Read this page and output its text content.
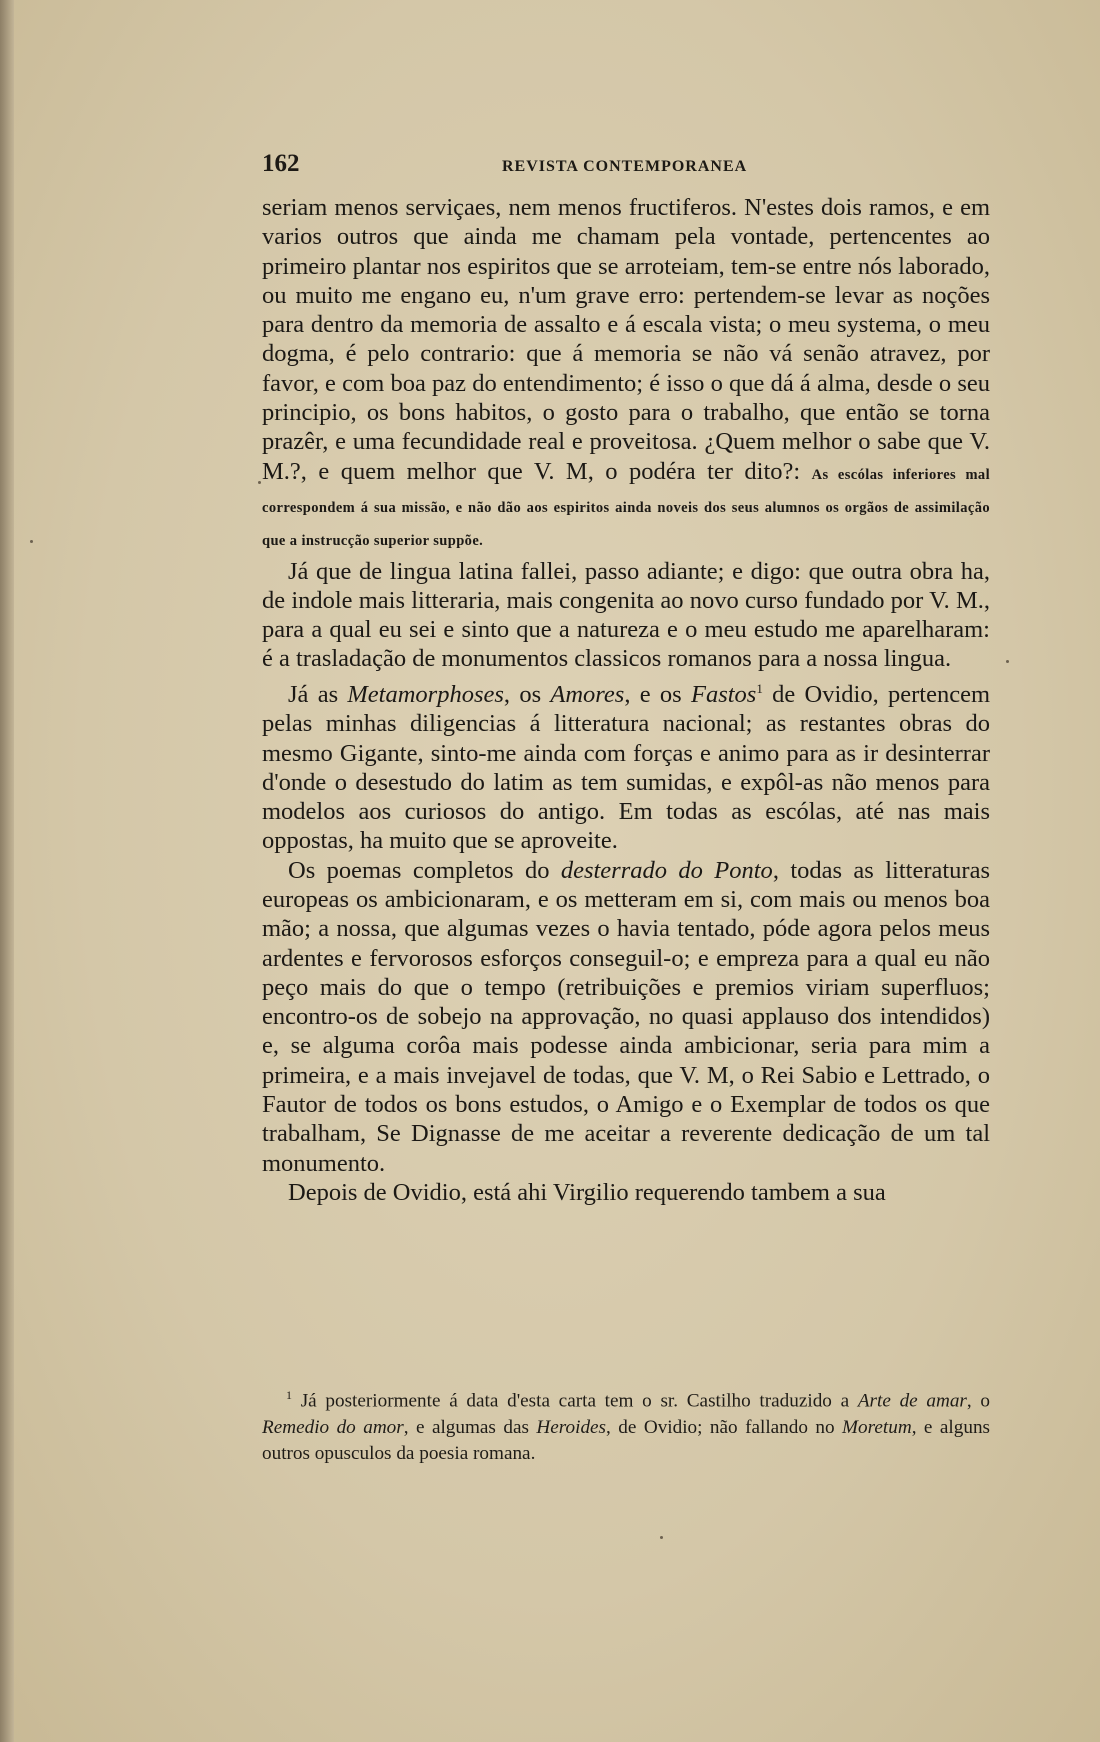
162	REVISTA CONTEMPORANEA

seriam menos serviçaes, nem menos fructiferos. N'estes dois ramos, e em varios outros que ainda me chamam pela vontade, pertencentes ao primeiro plantar nos espiritos que se arroteiam, tem-se entre nós laborado, ou muito me engano eu, n'um grave erro: pertendem-se levar as noções para dentro da memoria de assalto e á escala vista; o meu systema, o meu dogma, é pelo contrario: que á memoria se não vá senão atravez, por favor, e com boa paz do entendimento; é isso o que dá á alma, desde o seu principio, os bons habitos, o gosto para o trabalho, que então se torna prazêr, e uma fecundidade real e proveitosa. ¿Quem melhor o sabe que V. M.?, e quem melhor que V. M, o podéra ter dito?: As escólas inferiores mal correspondem á sua missão, e não dão aos espiritos ainda noveis dos seus alumnos os orgãos de assimilação que a instrucção superior suppõe.

Já que de lingua latina fallei, passo adiante; e digo: que outra obra ha, de indole mais litteraria, mais congenita ao novo curso fundado por V. M., para a qual eu sei e sinto que a natureza e o meu estudo me aparelharam: é a trasladação de monumentos classicos romanos para a nossa lingua.

Já as Metamorphoses, os Amores, e os Fastos$^1$ de Ovidio, pertencem pelas minhas diligencias á litteratura nacional; as restantes obras do mesmo Gigante, sinto-me ainda com forças e animo para as ir desinterrar d'onde o desestudo do latim as tem sumidas, e expôl-as não menos para modelos aos curiosos do antigo. Em todas as escólas, até nas mais oppostas, ha muito que se aproveite.

Os poemas completos do desterrado do Ponto, todas as litteraturas europeas os ambicionaram, e os metteram em si, com mais ou menos boa mão; a nossa, que algumas vezes o havia tentado, póde agora pelos meus ardentes e fervorosos esforços conseguil-o; e empreza para a qual eu não peço mais do que o tempo (retribuições e premios viriam superfluos; encontro-os de sobejo na approvação, no quasi applauso dos intendidos) e, se alguma corôa mais podesse ainda ambicionar, seria para mim a primeira, e a mais invejavel de todas, que V. M, o Rei Sabio e Lettrado, o Fautor de todos os bons estudos, o Amigo e o Exemplar de todos os que trabalham, Se Dignasse de me aceitar a reverente dedicação de um tal monumento.

Depois de Ovidio, está ahi Virgilio requerendo tambem a sua

$^1$ Já posteriormente á data d'esta carta tem o sr. Castilho traduzido a Arte de amar, o Remedio do amor, e algumas das Heroides, de Ovidio; não fallando no Moretum, e alguns outros opusculos da poesia romana.
